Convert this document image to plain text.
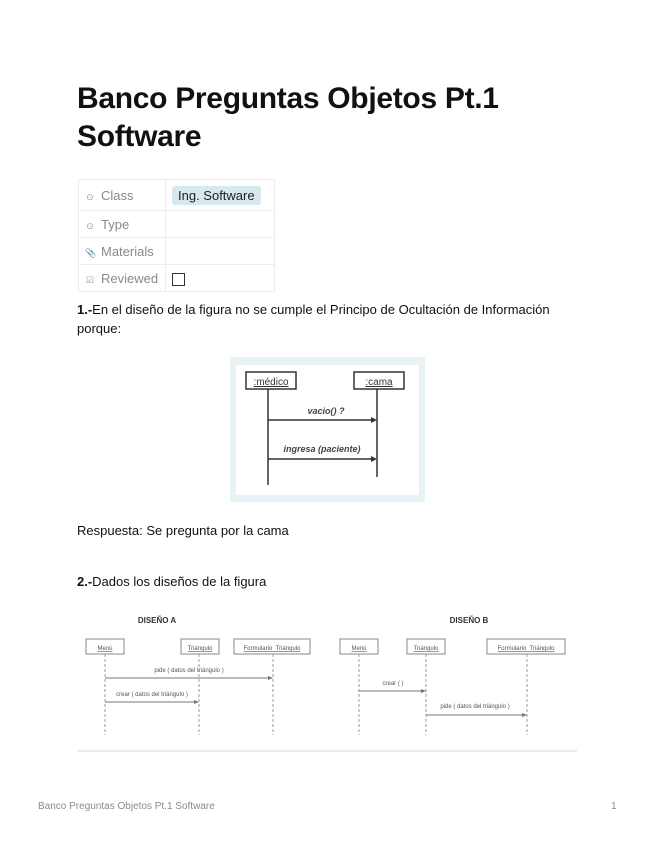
Banco Preguntas Objetos Pt.1 Software
⊙ Class	Ing. Software
⊙ Type	
📎 Materials	
☑ Reviewed	
1.-En el diseño de la figura no se cumple el Principo de Ocultación de Información porque:
:médico	:cama
vacio() ?
ingresa (paciente)
Respuesta: Se pregunta por la cama
2.-Dados los diseños de la figura
DISEÑO A
Menú	Triángulo	Formulario_Triángulo
pide ( datos del triángulo )
crear ( datos del triángulo )
DISEÑO B
Menú	Triángulo	Formulario_Triángulo
crear ( )
pide ( datos del triángulo )
Banco Preguntas Objetos Pt.1 Software	1
